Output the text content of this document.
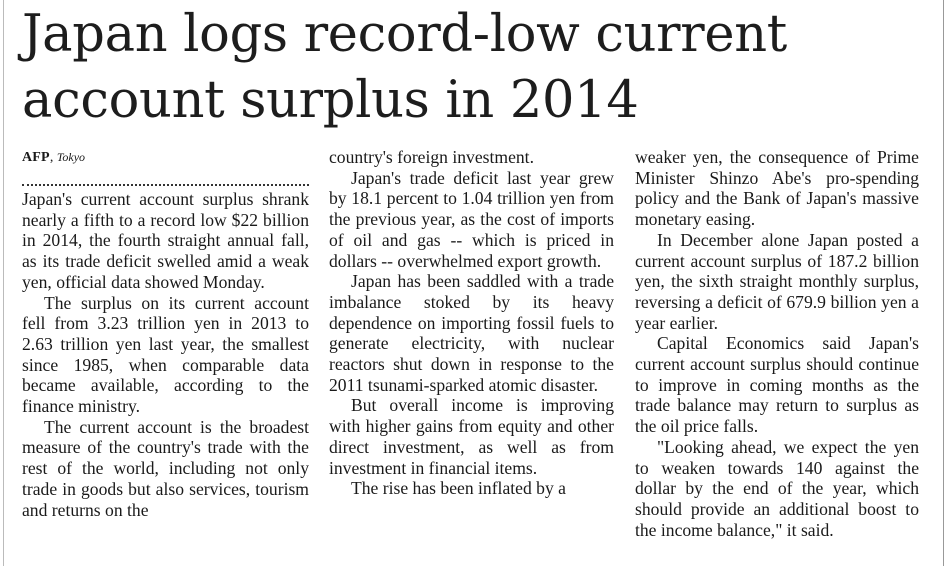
Japan logs record-low current account surplus in 2014
AFP, Tokyo

Japan's current account surplus shrank nearly a fifth to a record low $22 billion in 2014, the fourth straight annual fall, as its trade deficit swelled amid a weak yen, official data showed Monday.

The surplus on its current account fell from 3.23 trillion yen in 2013 to 2.63 trillion yen last year, the smallest since 1985, when comparable data became available, according to the finance ministry.

The current account is the broadest measure of the country's trade with the rest of the world, including not only trade in goods but also services, tourism and returns on the

country's foreign investment.

Japan's trade deficit last year grew by 18.1 percent to 1.04 trillion yen from the previous year, as the cost of imports of oil and gas -- which is priced in dollars -- overwhelmed export growth.

Japan has been saddled with a trade imbalance stoked by its heavy dependence on importing fossil fuels to generate electricity, with nuclear reactors shut down in response to the 2011 tsunami-sparked atomic disaster.

But overall income is improving with higher gains from equity and other direct investment, as well as from investment in financial items.

The rise has been inflated by a

weaker yen, the consequence of Prime Minister Shinzo Abe's pro-spending policy and the Bank of Japan's massive monetary easing.

In December alone Japan posted a current account surplus of 187.2 billion yen, the sixth straight monthly surplus, reversing a deficit of 679.9 billion yen a year earlier.

Capital Economics said Japan's current account surplus should continue to improve in coming months as the trade balance may return to surplus as the oil price falls.

"Looking ahead, we expect the yen to weaken towards 140 against the dollar by the end of the year, which should provide an additional boost to the income balance," it said.
